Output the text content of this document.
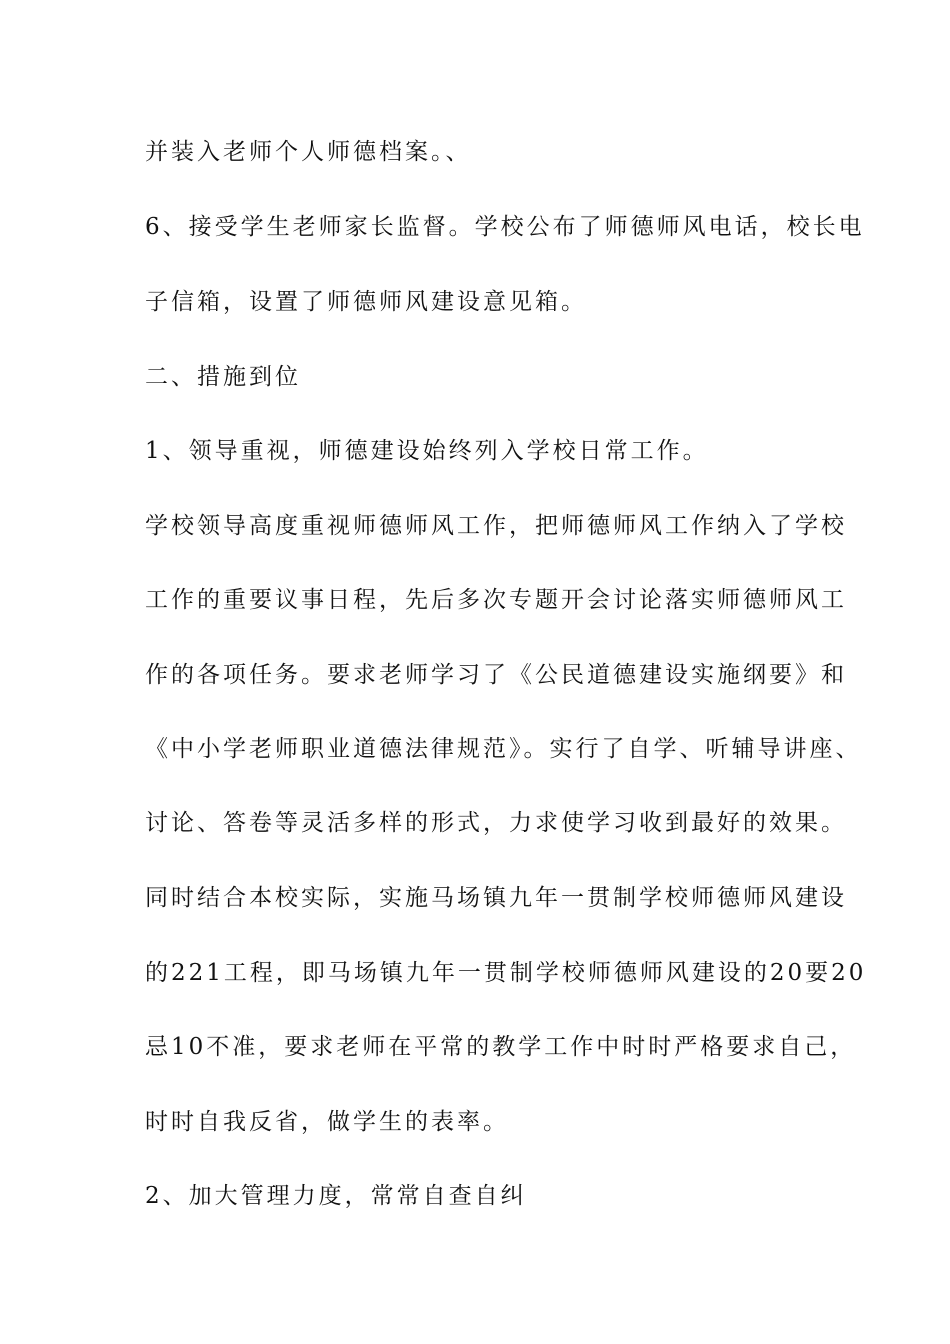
并装入老师个人师德档案。、
6、接受学生老师家长监督。学校公布了师德师风电话，校长电
子信箱，设置了师德师风建设意见箱。
二、措施到位
1、领导重视，师德建设始终列入学校日常工作。
学校领导高度重视师德师风工作，把师德师风工作纳入了学校
工作的重要议事日程，先后多次专题开会讨论落实师德师风工
作的各项任务。要求老师学习了《公民道德建设实施纲要》和
《中小学老师职业道德法律规范》。实行了自学、听辅导讲座、
讨论、答卷等灵活多样的形式，力求使学习收到最好的效果。
同时结合本校实际，实施马场镇九年一贯制学校师德师风建设
的221工程，即马场镇九年一贯制学校师德师风建设的20要20
忌10不准，要求老师在平常的教学工作中时时严格要求自己，
时时自我反省，做学生的表率。
2、加大管理力度，常常自查自纠
